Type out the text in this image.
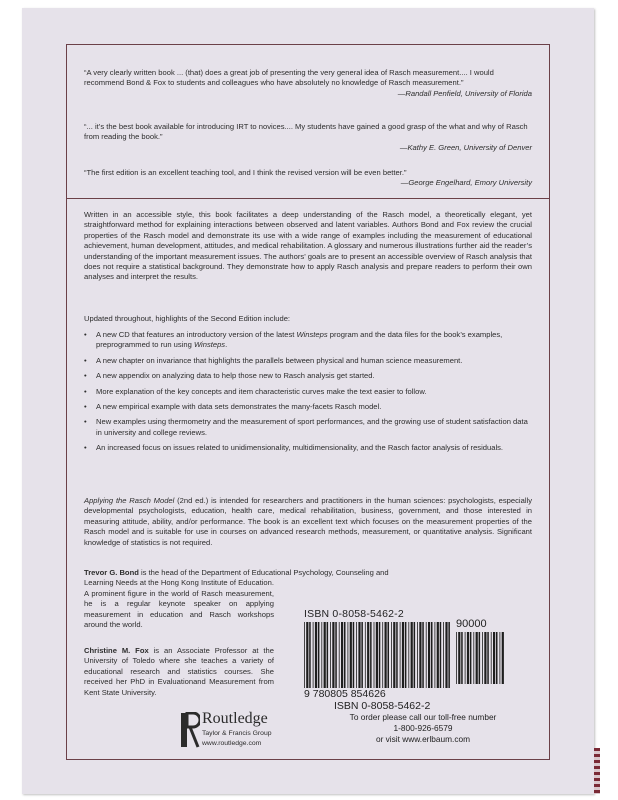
“A very clearly written book ... (that) does a great job of presenting the very general idea of Rasch measurement.... I would recommend Bond & Fox to students and colleagues who have absolutely no knowledge of Rasch measurement.”
—Randall Penfield, University of Florida

“... it’s the best book available for introducing IRT to novices.... My students have gained a good grasp of the what and why of Rasch from reading the book.”
—Kathy E. Green, University of Denver

“The first edition is an excellent teaching tool, and I think the revised version will be even better.”
—George Engelhard, Emory University

Written in an accessible style, this book facilitates a deep understanding of the Rasch model, a theoretically elegant, yet straightforward method for explaining interactions between observed and latent variables. Authors Bond and Fox review the crucial properties of the Rasch model and demonstrate its use with a wide range of examples including the measurement of educational achievement, human development, attitudes, and medical rehabilitation. A glossary and numerous illustrations further aid the reader’s understanding of the important measurement issues. The authors’ goals are to present an accessible overview of Rasch analysis that does not require a statistical background. They demonstrate how to apply Rasch analysis and prepare readers to perform their own analyses and interpret the results.
Updated throughout, highlights of the Second Edition include:
• A new CD that features an introductory version of the latest Winsteps program and the data files for the book’s examples, preprogrammed to run using Winsteps.
• A new chapter on invariance that highlights the parallels between physical and human science measurement.
• A new appendix on analyzing data to help those new to Rasch analysis get started.
• More explanation of the key concepts and item characteristic curves make the text easier to follow.
• A new empirical example with data sets demonstrates the many-facets Rasch model.
• New examples using thermometry and the measurement of sport performances, and the growing use of student satisfaction data in university and college reviews.
• An increased focus on issues related to unidimensionality, multidimensionality, and the Rasch factor analysis of residuals.
Applying the Rasch Model (2nd ed.) is intended for researchers and practitioners in the human sciences: psychologists, especially developmental psychologists, education, health care, medical rehabilitation, business, government, and those interested in measuring attitude, ability, and/or performance. The book is an excellent text which focuses on the measurement properties of the Rasch model and is suitable for use in courses on advanced research methods, measurement, or quantitative analysis. Significant knowledge of statistics is not required.
Trevor G. Bond is the head of the Department of Educational Psychology, Counseling and
Learning Needs at the Hong Kong Institute of Education. A prominent figure in the world of Rasch measurement, he is a regular keynote speaker on applying measurement in education and Rasch workshops around the world.
Christine M. Fox is an Associate Professor at the University of Toledo where she teaches a variety of educational research and statistics courses. She received her PhD in Evaluationand Measurement from Kent State University.
ISBN 0-8058-5462-2
90000
9 780805 854626
ISBN 0-8058-5462-2
Routledge
Taylor & Francis Group
www.routledge.com
To order please call our toll-free number
1-800-926-6579
or visit www.erlbaum.com
